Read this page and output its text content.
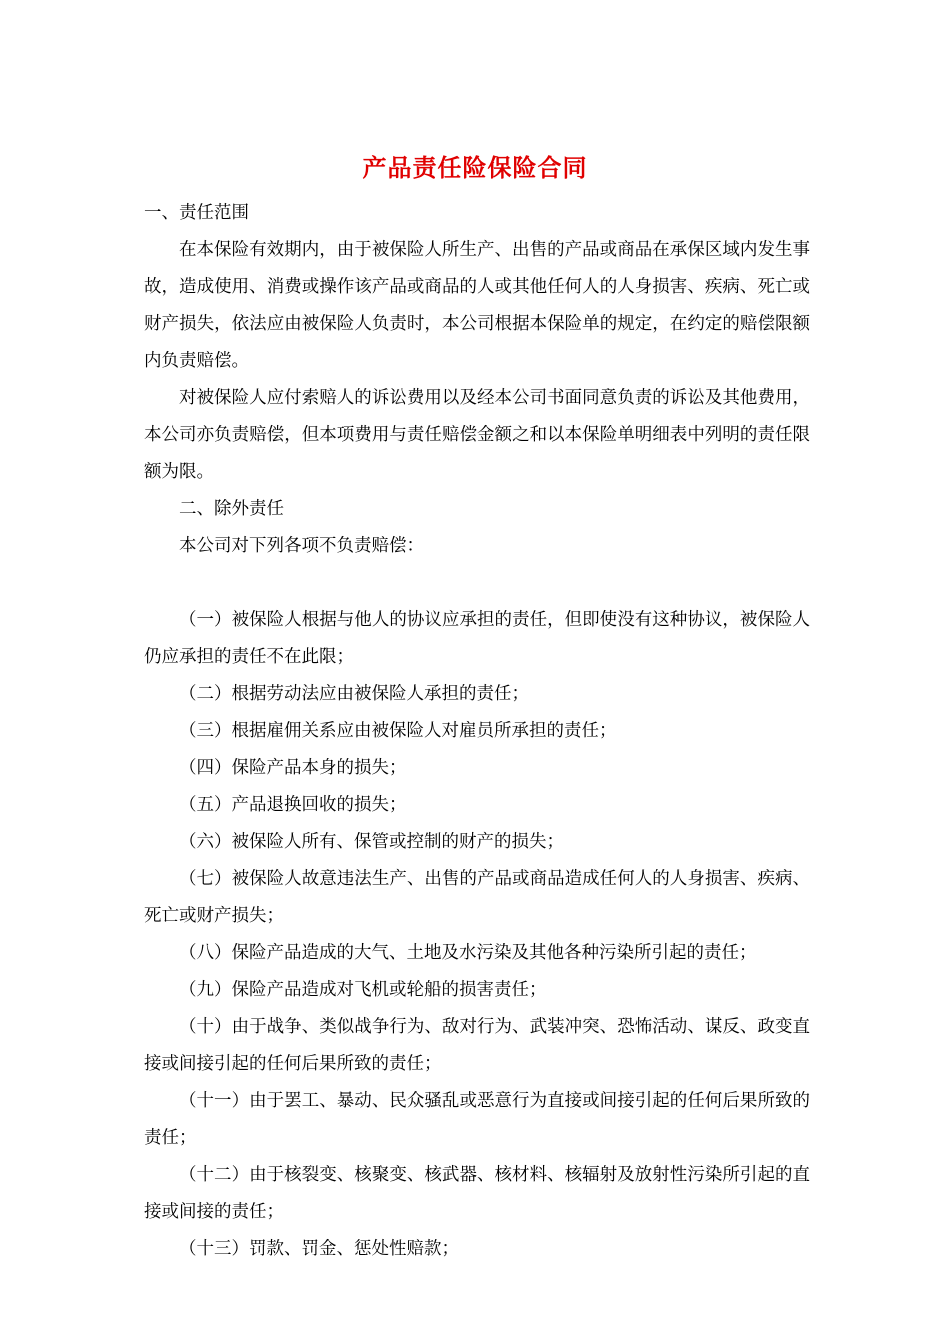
产品责任险保险合同

一、责任范围

在本保险有效期内，由于被保险人所生产、出售的产品或商品在承保区域内发生事故，造成使用、消费或操作该产品或商品的人或其他任何人的人身损害、疾病、死亡或财产损失，依法应由被保险人负责时，本公司根据本保险单的规定，在约定的赔偿限额内负责赔偿。

对被保险人应付索赔人的诉讼费用以及经本公司书面同意负责的诉讼及其他费用，本公司亦负责赔偿，但本项费用与责任赔偿金额之和以本保险单明细表中列明的责任限额为限。

二、除外责任

本公司对下列各项不负责赔偿：

（一）被保险人根据与他人的协议应承担的责任，但即使没有这种协议，被保险人仍应承担的责任不在此限；

（二）根据劳动法应由被保险人承担的责任；

（三）根据雇佣关系应由被保险人对雇员所承担的责任；

（四）保险产品本身的损失；

（五）产品退换回收的损失；

（六）被保险人所有、保管或控制的财产的损失；

（七）被保险人故意违法生产、出售的产品或商品造成任何人的人身损害、疾病、死亡或财产损失；

（八）保险产品造成的大气、土地及水污染及其他各种污染所引起的责任；

（九）保险产品造成对飞机或轮船的损害责任；

（十）由于战争、类似战争行为、敌对行为、武装冲突、恐怖活动、谋反、政变直接或间接引起的任何后果所致的责任；

（十一）由于罢工、暴动、民众骚乱或恶意行为直接或间接引起的任何后果所致的责任；

（十二）由于核裂变、核聚变、核武器、核材料、核辐射及放射性污染所引起的直接或间接的责任；

（十三）罚款、罚金、惩处性赔款；
